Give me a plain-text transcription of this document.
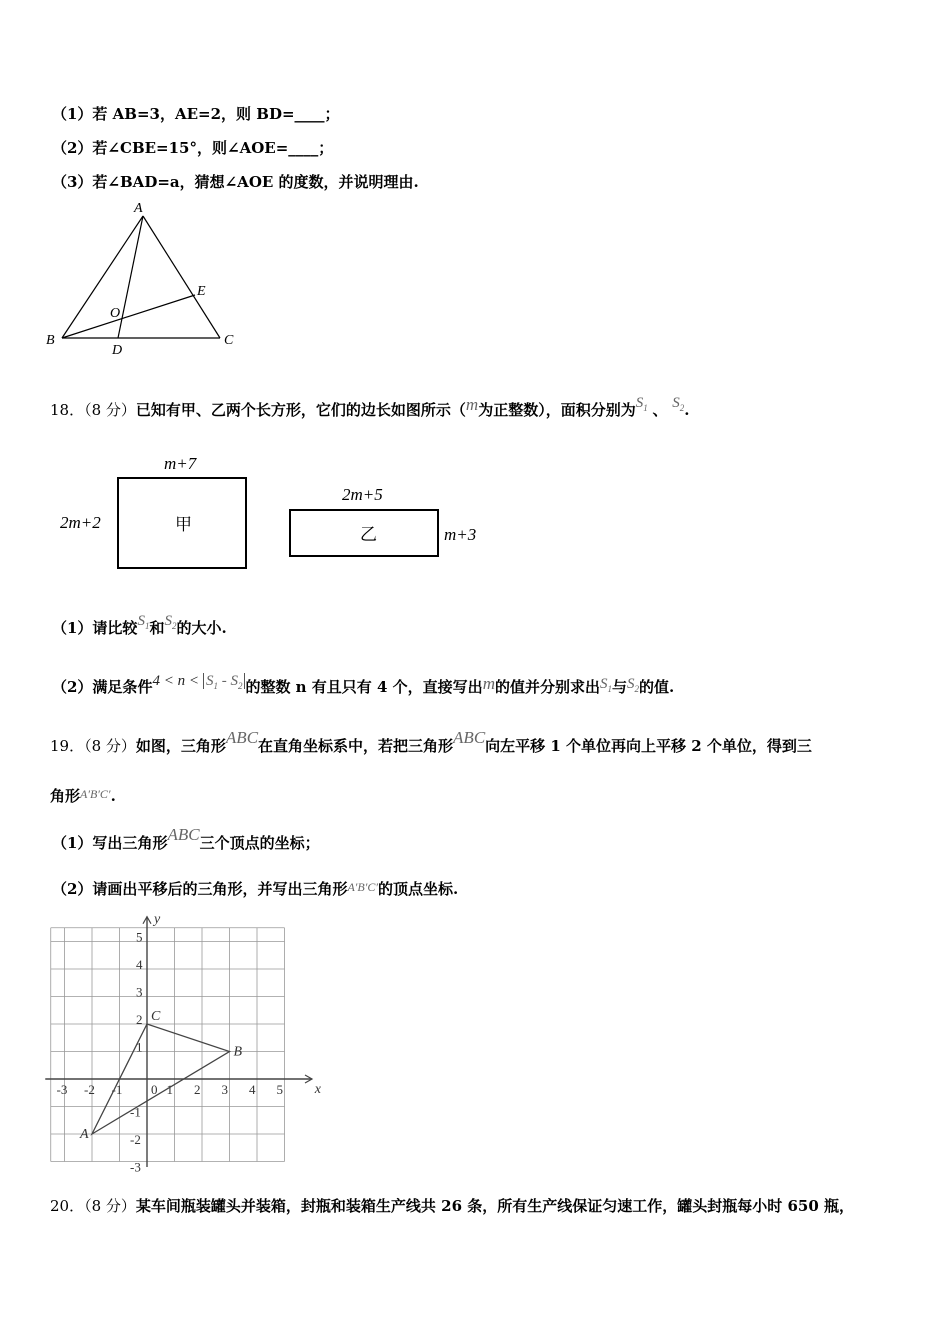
（1）若 AB=3，AE=2，则 BD=____；
（2）若∠CBE=15°，则∠AOE=____；
（3）若∠BAD=a，猜想∠AOE 的度数，并说明理由.
A
B	C
D
E
O
18．（8 分）已知有甲、乙两个长方形，它们的边长如图所示（m为正整数），面积分别为$S_1$ 、 $S_2$.
m+7
2m+2	甲
2m+5
m+3
乙
（1）请比较$S_1$和$S_2$的大小.
（2）满足条件$4 < n < S_1 - S_2$ 的整数 n 有且只有 4 个，直接写出m的值并分别求出$S_1$与$S_2$的值.
19．（8 分）如图，三角形ABC在直角坐标系中，若把三角形ABC向左平移 1 个单位再向上平移 2 个单位，得到三
角形$^{A'B'C'}$.
（1）写出三角形ABC三个顶点的坐标；
（2）请画出平移后的三角形，并写出三角形$^{A'B'C'}$的顶点坐标.
x
y
-3 -2 -1 0 1 2 3 4 5
5
4
3
2
1
-1
-2
-3
A
B
C
20．（8 分）某车间瓶装罐头并装箱，封瓶和装箱生产线共 26 条，所有生产线保证匀速工作，罐头封瓶每小时 650 瓶，
